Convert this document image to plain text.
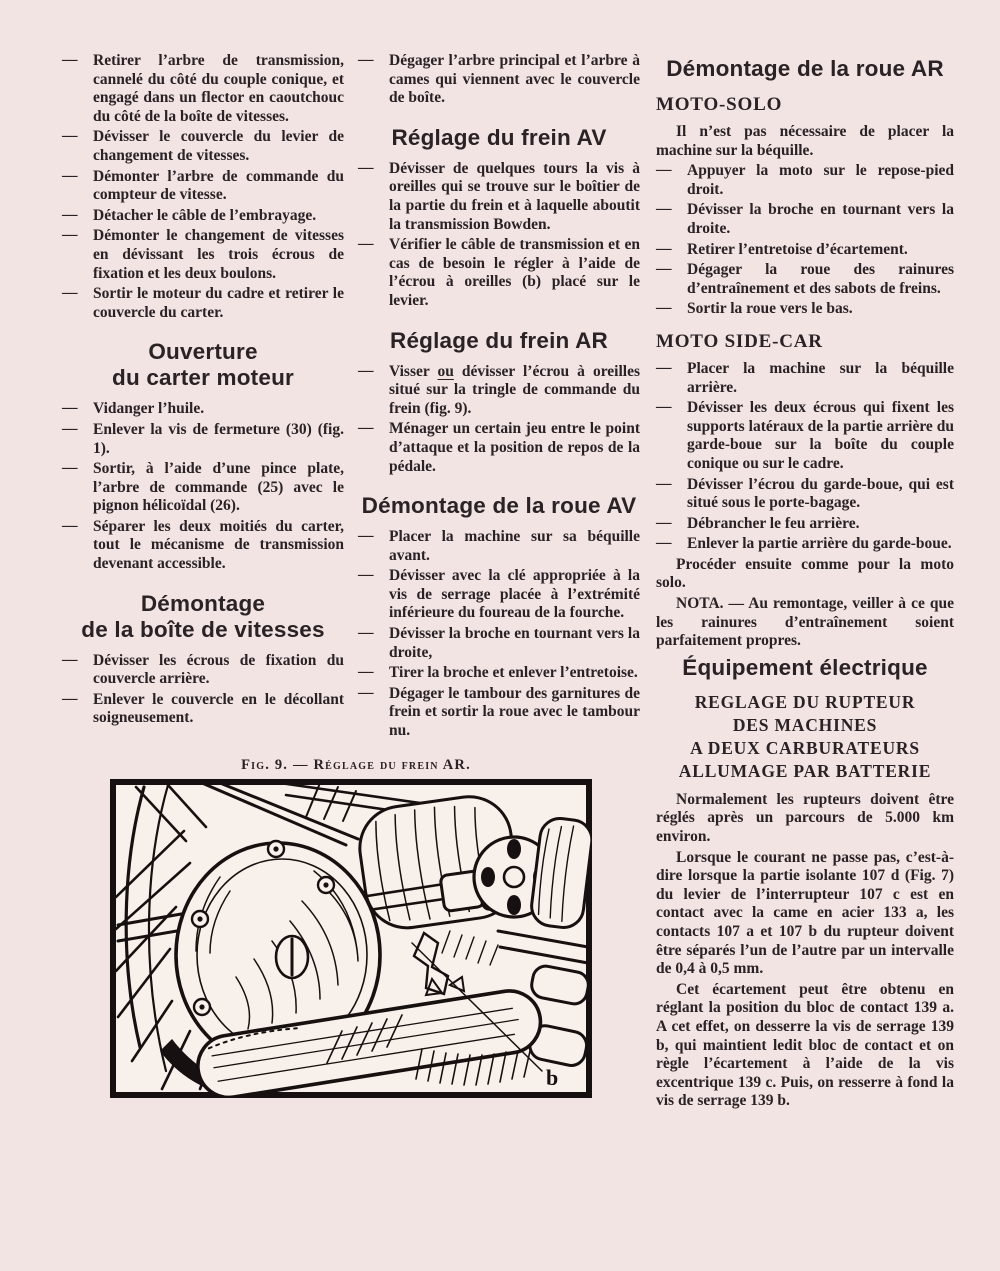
— Retirer l’arbre de transmission, cannelé du côté du couple conique, et engagé dans un flector en caoutchouc du côté de la boîte de vitesses.
— Dévisser le couvercle du levier de changement de vitesses.
— Démonter l’arbre de commande du compteur de vitesse.
— Détacher le câble de l’embrayage.
— Démonter le changement de vitesses en dévissant les trois écrous de fixation et les deux boulons.
— Sortir le moteur du cadre et retirer le couvercle du carter.
Ouverture
du carter moteur
— Vidanger l’huile.
— Enlever la vis de fermeture (30) (fig. 1).
— Sortir, à l’aide d’une pince plate, l’arbre de commande (25) avec le pignon hélicoïdal (26).
— Séparer les deux moitiés du carter, tout le mécanisme de transmission devenant accessible.
Démontage
de la boîte de vitesses
— Dévisser les écrous de fixation du couvercle arrière.
— Enlever le couvercle en le décollant soigneusement.
— Dégager l’arbre principal et l’arbre à cames qui viennent avec le couvercle de boîte.
Réglage du frein AV
— Dévisser de quelques tours la vis à oreilles qui se trouve sur le boîtier de la partie du frein et à laquelle aboutit la transmission Bowden.
— Vérifier le câble de transmission et en cas de besoin le régler à l’aide de l’écrou à oreilles (b) placé sur le levier.
Réglage du frein AR
— Visser ou dévisser l’écrou à oreilles situé sur la tringle de commande du frein (fig. 9).
— Ménager un certain jeu entre le point d’attaque et la position de repos de la pédale.
Démontage de la roue AV
— Placer la machine sur sa béquille avant.
— Dévisser avec la clé appropriée à la vis de serrage placée à l’extrémité inférieure du foureau de la fourche.
— Dévisser la broche en tournant vers la droite,
— Tirer la broche et enlever l’entretoise.
— Dégager le tambour des garnitures de frein et sortir la roue avec le tambour nu.
Fig. 9. — Réglage du frein AR.
b
Démontage de la roue AR
MOTO-SOLO

Il n’est pas nécessaire de placer la machine sur la béquille.

— Appuyer la moto sur le repose-pied droit.
— Dévisser la broche en tournant vers la droite.
— Retirer l’entretoise d’écartement.
— Dégager la roue des rainures d’entraînement et des sabots de freins.
— Sortir la roue vers le bas.
MOTO SIDE-CAR
— Placer la machine sur la béquille arrière.
— Dévisser les deux écrous qui fixent les supports latéraux de la partie arrière du garde-boue sur la boîte du couple conique ou sur le cadre.
— Dévisser l’écrou du garde-boue, qui est situé sous le porte-bagage.
— Débrancher le feu arrière.
— Enlever la partie arrière du garde-boue.

Procéder ensuite comme pour la moto solo.

NOTA. — Au remontage, veiller à ce que les rainures d’entraînement soient parfaitement propres.

Équipement électrique
REGLAGE DU RUPTEUR
DES MACHINES
A DEUX CARBURATEURS
ALLUMAGE PAR BATTERIE

Normalement les rupteurs doivent être réglés après un parcours de 5.000 km environ.

Lorsque le courant ne passe pas, c’est-à-dire lorsque la partie isolante 107 d (Fig. 7) du levier de l’interrupteur 107 c est en contact avec la came en acier 133 a, les contacts 107 a et 107 b du rupteur doivent être séparés l’un de l’autre par un intervalle de 0,4 à 0,5 mm.

Cet écartement peut être obtenu en réglant la position du bloc de contact 139 a. A cet effet, on desserre la vis de serrage 139 b, qui maintient ledit bloc de contact et on règle l’écartement à l’aide de la vis excentrique 139 c. Puis, on resserre à fond la vis de serrage 139 b.
